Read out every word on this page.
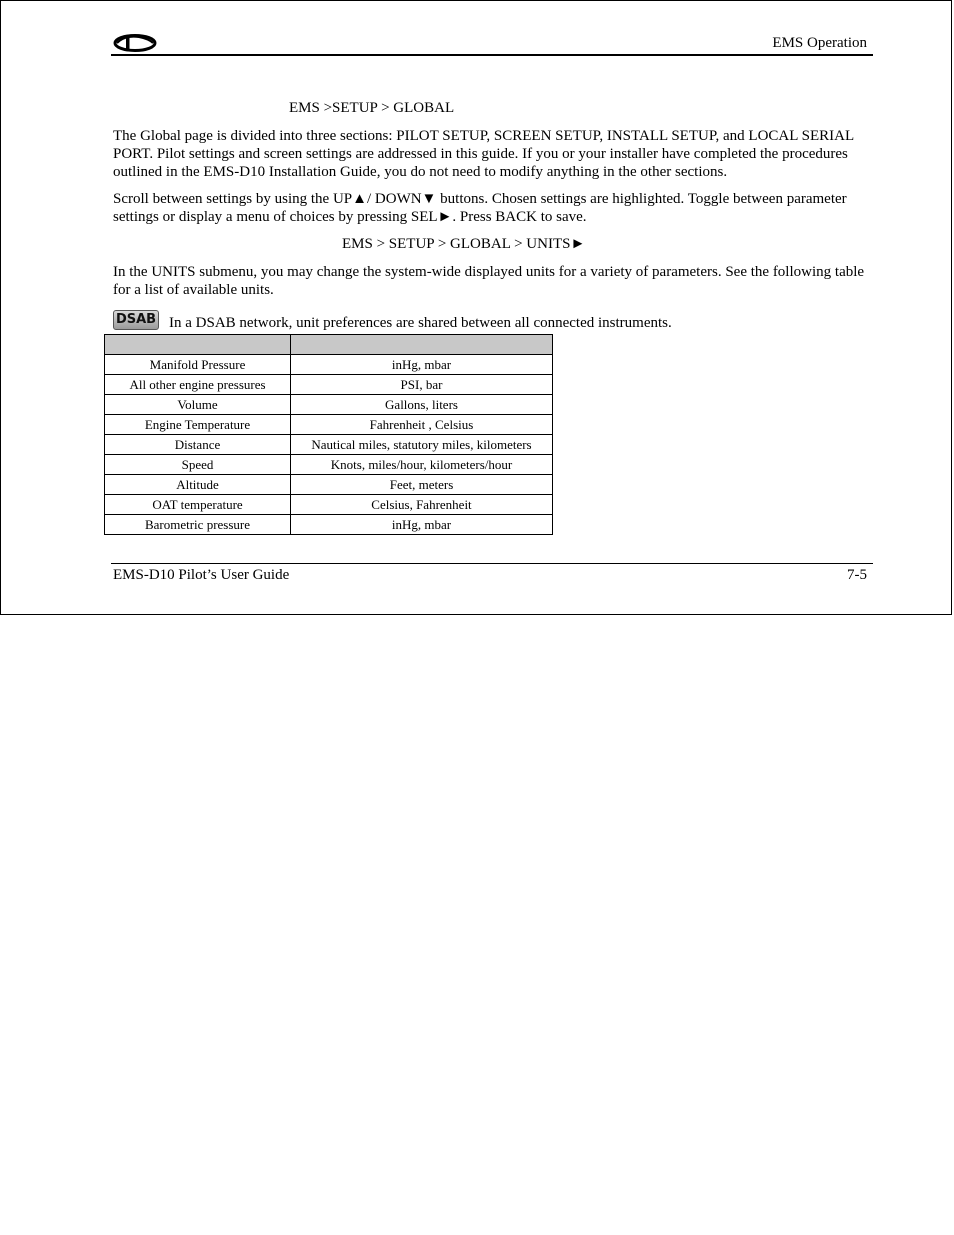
EMS Operation
EMS >SETUP > GLOBAL

The Global page is divided into three sections: PILOT SETUP, SCREEN SETUP, INSTALL SETUP, and LOCAL SERIAL PORT. Pilot settings and screen settings are addressed in this guide. If you or your installer have completed the procedures outlined in the EMS-D10 Installation Guide, you do not need to modify anything in the other sections.

Scroll between settings by using the UP▲/ DOWN▼ buttons. Chosen settings are highlighted. Toggle between parameter settings or display a menu of choices by pressing SEL►. Press BACK to save.

EMS > SETUP > GLOBAL > UNITS►

In the UNITS submenu, you may change the system-wide displayed units for a variety of parameters. See the following table for a list of available units.

DSAB In a DSAB network, unit preferences are shared between all connected instruments.

Manifold Pressure	inHg, mbar
All other engine pressures	PSI, bar
Volume	Gallons, liters
Engine Temperature	Fahrenheit , Celsius
Distance	Nautical miles, statutory miles, kilometers
Speed	Knots, miles/hour, kilometers/hour
Altitude	Feet, meters
OAT temperature	Celsius, Fahrenheit
Barometric pressure	inHg, mbar
EMS-D10 Pilot’s User Guide	7-5
